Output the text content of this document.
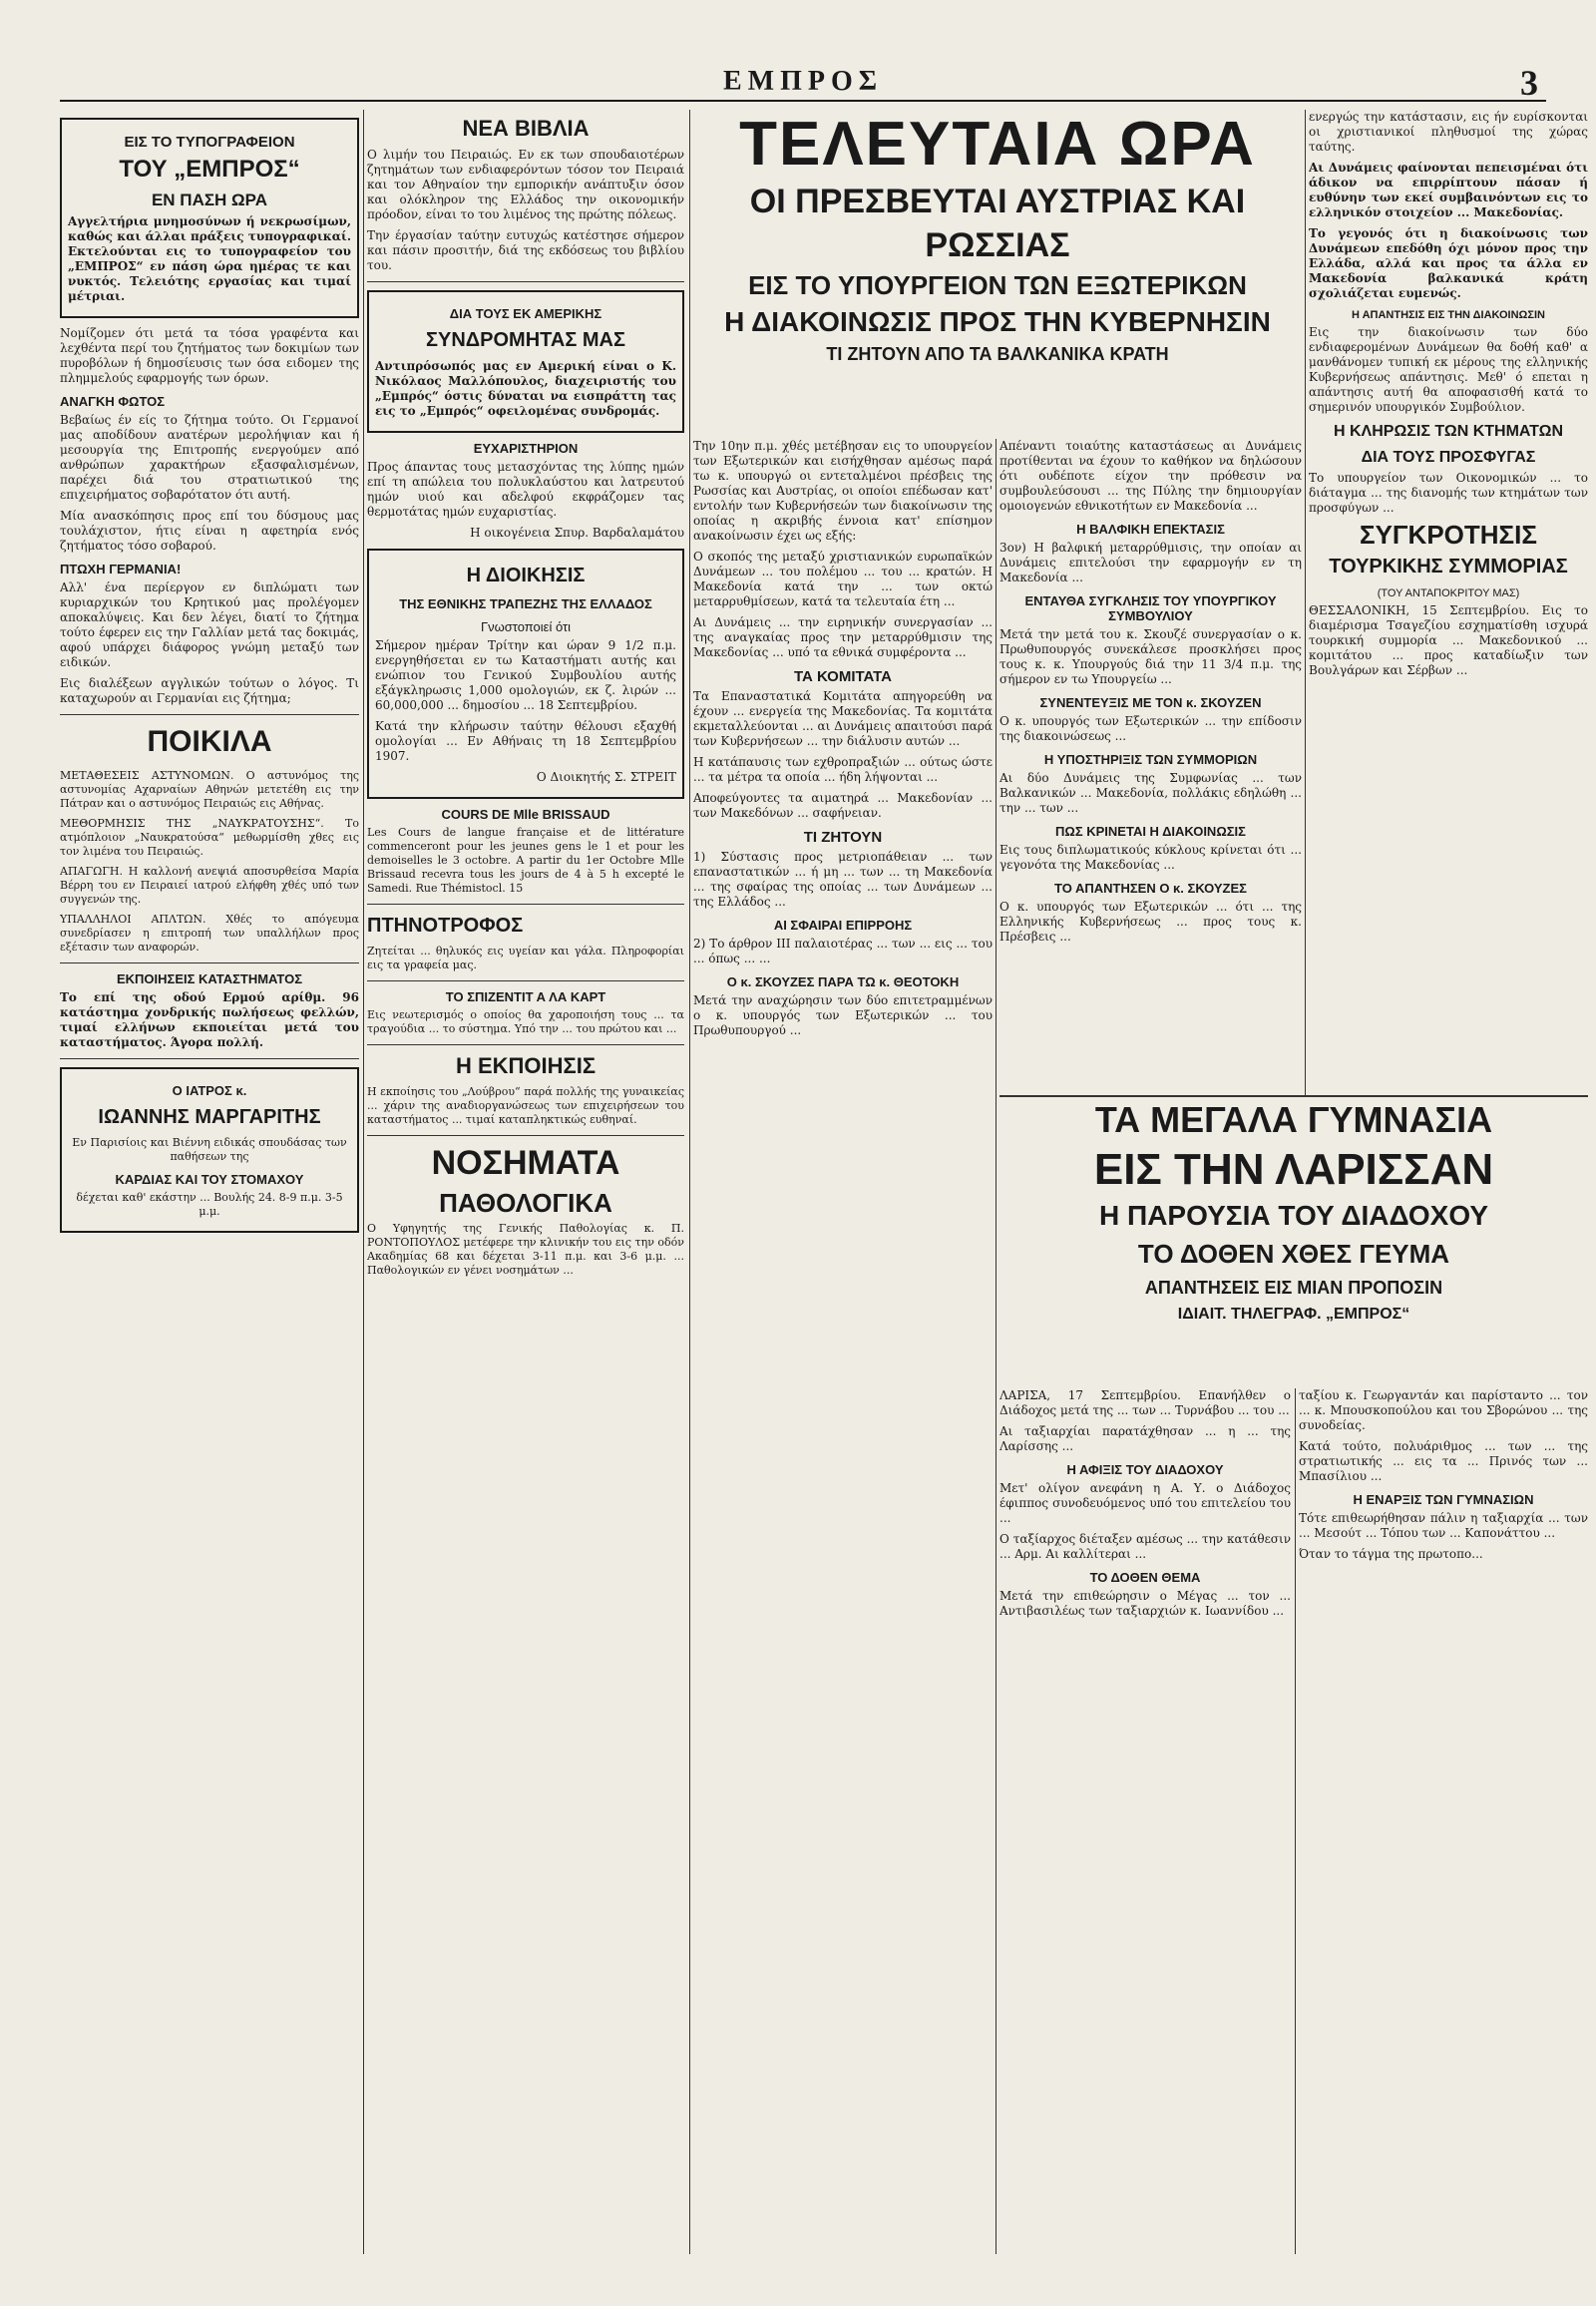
ΕΜΠΡΟΣ	3
ΕΙΣ ΤΟ ΤΥΠΟΓΡΑΦΕΙΟΝ
ΤΟΥ „ΕΜΠΡΟΣ“
ΕΝ ΠΑΣΗ ΩΡΑ

Αγγελτήρια μνημοσύνων ή νεκρωσίμων, καθώς και άλλαι πράξεις τυπογραφικαί. Εκτελούνται εις το τυπογραφείον του „ΕΜΠΡΟΣ“ εν πάση ώρα ημέρας τε και νυκτός. Τελειότης εργασίας και τιμαί μέτριαι.

Νομίζομεν ότι μετά τα τόσα γραφέντα και λεχθέντα περί του ζητήματος των δοκιμίων των πυροβόλων ή δημοσίευσις των όσα ειδομεν της πλημμελούς εφαρμογής των όρων.

ΑΝΑΓΚΗ ΦΩΤΟΣ

Βεβαίως έν είς το ζήτημα τούτο. Οι Γερμανοί μας αποδίδουν ανατέρων μερολήψιαν και ή μεσουργία της Επιτροπής ενεργούμεν από ανθρώπων χαρακτήρων εξασφαλισμένων, παρέχει διά του στρατιωτικού της επιχειρήματος σοβαρότατον ότι αυτή.

Μία ανασκόπησις προς επί του δύσμους μας τουλάχιστον, ήτις είναι η αφετηρία ενός ζητήματος τόσο σοβαρού.

ΠΤΩΧΗ ΓΕΡΜΑΝΙΑ!

Αλλ' ένα περίεργον εν διπλώματι των κυριαρχικών του Κρητικού μας προλέγομεν αποκαλύψεις. Και δεν λέγει, διατί το ζήτημα τούτο έφερεν εις την Γαλλίαν μετά τας δοκιμάς, αφού υπάρχει διάφορος γνώμη μεταξύ των ειδικών.

Εις διαλέξεων αγγλικών τούτων ο λόγος. Τι καταχωρούν αι Γερμανίαι εις ζήτημα;

ΠΟΙΚΙΛΑ

ΜΕΤΑΘΕΣΕΙΣ ΑΣΤΥΝΟΜΩΝ. Ο αστυνόμος της αστυνομίας Αχαρναίων Αθηνών μετετέθη εις την Πάτραν και ο αστυνόμος Πειραιώς εις Αθήνας.

ΜΕΘΟΡΜΗΣΙΣ ΤΗΣ „ΝΑΥΚΡΑΤΟΥΣΗΣ“. Το ατμόπλοιον „Ναυκρατούσα“ μεθωρμίσθη χθες εις τον λιμένα του Πειραιώς.

ΑΠΑΓΩΓΗ. Η καλλονή ανεψιά αποσυρθείσα Μαρία Βέρρη του εν Πειραιεί ιατρού ελήφθη χθές υπό των συγγενών της.

ΥΠΑΛΛΗΛΟΙ ΑΠΛΤΩΝ. Χθές το απόγευμα συνεδρίασεν η επιτροπή των υπαλλήλων προς εξέτασιν των αναφορών.

ΕΚΠΟΙΗΣΕΙΣ ΚΑΤΑΣΤΗΜΑΤΟΣ

Το επί της οδού Ερμού αρίθμ. 96 κατάστημα χονδρικής πωλήσεως φελλών, τιμαί ελλήνων εκποιείται μετά του καταστήματος. Άγορα πολλή.

Ο ΙΑΤΡΟΣ κ.
ΙΩΑΝΝΗΣ ΜΑΡΓΑΡΙΤΗΣ

Εν Παρισίοις και Βιέννη ειδικάς σπουδάσας των παθήσεων της

ΚΑΡΔΙΑΣ ΚΑΙ ΤΟΥ ΣΤΟΜΑΧΟΥ

δέχεται καθ' εκάστην ... Βουλής 24. 8-9 π.μ. 3-5 μ.μ.

ΝΕΑ ΒΙΒΛΙΑ

Ο λιμήν του Πειραιώς. Εν εκ των σπουδαιοτέρων ζητημάτων των ενδιαφερόντων τόσον τον Πειραιά και τον Αθηναίον την εμπορικήν ανάπτυξιν όσον και ολόκληρον της Ελλάδος την οικονομικήν πρόοδον, είναι το του λιμένος της πρώτης πόλεως.

Την έργασίαν ταύτην ευτυχώς κατέστησε σήμερον και πάσιν προσιτήν, διά της εκδόσεως του βιβλίου του.

ΔΙΑ ΤΟΥΣ ΕΚ ΑΜΕΡΙΚΗΣ
ΣΥΝΔΡΟΜΗΤΑΣ ΜΑΣ

Αντιπρόσωπός μας εν Αμερική είναι ο Κ. Νικόλαος Μαλλόπουλος, διαχειριστής του „Εμπρός“ όστις δύναται να εισπράττη τας εις το „Εμπρός“ οφειλομένας συνδρομάς.

ΕΥΧΑΡΙΣΤΗΡΙΟΝ

Προς άπαντας τους μετασχόντας της λύπης ημών επί τη απώλεια του πολυκλαύστου και λατρευτού ημών υιού και αδελφού εκφράζομεν τας θερμοτάτας ημών ευχαριστίας.

Η οικογένεια Σπυρ. Βαρδαλαμάτου

Η ΔΙΟΙΚΗΣΙΣ
ΤΗΣ ΕΘΝΙΚΗΣ ΤΡΑΠΕΖΗΣ ΤΗΣ ΕΛΛΑΔΟΣ
Γνωστοποιεί ότι

Σήμερον ημέραν Τρίτην και ώραν 9 1/2 π.μ. ενεργηθήσεται εν τω Καταστήματι αυτής και ενώπιον του Γενικού Συμβουλίου αυτής εξάγκληρωσις 1,000 ομολογιών, εκ ζ. λιρών ... 60,000,000 ... δημοσίου ... 18 Σεπτεμβρίου.

Κατά την κλήρωσιν ταύτην θέλουσι εξαχθή ομολογίαι ... Εν Αθήναις τη 18 Σεπτεμβρίου 1907.

Ο Διοικητής Σ. ΣΤΡΕΙΤ

COURS DE Mlle BRISSAUD

Les Cours de langue française et de littérature commenceront pour les jeunes gens le 1 et pour les demoiselles le 3 octobre. A partir du 1er Octobre Mlle Brissaud recevra tous les jours de 4 à 5 h excepté le Samedi. Rue Thémistocl. 15

ΠΤΗΝΟΤΡΟΦΟΣ

Ζητείται ... θηλυκός εις υγείαν και γάλα. Πληροφορίαι εις τα γραφεία μας.

ΤΟ ΣΠΙΖΕΝΤΙΤ Α ΛΑ ΚΑΡΤ

Εις νεωτερισμός ο οποίος θα χαροποιήση τους ... τα τραγούδια ... το σύστημα. Υπό την ... του πρώτου και ...

Η ΕΚΠΟΙΗΣΙΣ

Η εκποίησις του „Λούβρου“ παρά πολλής της γυναικείας ... χάριν της αναδιοργανώσεως των επιχειρήσεων του καταστήματος ... τιμαί καταπληκτικώς ευθηναί.

ΝΟΣΗΜΑΤΑ
ΠΑΘΟΛΟΓΙΚΑ

Ο Υφηγητής της Γενικής Παθολογίας κ. Π. ΡΟΝΤΟΠΟΥΛΟΣ μετέφερε την κλινικήν του εις την οδόν Ακαδημίας 68 και δέχεται 3-11 π.μ. και 3-6 μ.μ. ... Παθολογικών εν γένει νοσημάτων ...

ΤΕΛΕΥΤΑΙΑ ΩΡΑ
ΟΙ ΠΡΕΣΒΕΥΤΑΙ ΑΥΣΤΡΙΑΣ ΚΑΙ ΡΩΣΣΙΑΣ
ΕΙΣ ΤΟ ΥΠΟΥΡΓΕΙΟΝ ΤΩΝ ΕΞΩΤΕΡΙΚΩΝ
Η ΔΙΑΚΟΙΝΩΣΙΣ ΠΡΟΣ ΤΗΝ ΚΥΒΕΡΝΗΣΙΝ
ΤΙ ΖΗΤΟΥΝ ΑΠΟ ΤΑ ΒΑΛΚΑΝΙΚΑ ΚΡΑΤΗ

Την 10ην π.μ. χθές μετέβησαν εις το υπουργείον των Εξωτερικών και εισήχθησαν αμέσως παρά τω κ. υπουργώ οι εντεταλμένοι πρέσβεις της Ρωσσίας και Αυστρίας, οι οποίοι επέδωσαν κατ' εντολήν των Κυβερνήσεών των διακοίνωσιν της οποίας η ακριβής έννοια κατ' επίσημον ανακοίνωσιν έχει ως εξής:

Ο σκοπός της μεταξύ χριστιανικών ευρωπαϊκών Δυνάμεων ... του πολέμου ... του ... κρατών. Η Μακεδονία κατά την ... των οκτώ μεταρρυθμίσεων, κατά τα τελευταία έτη ...

Αι Δυνάμεις ... την ειρηνικήν συνεργασίαν ... της αναγκαίας προς την μεταρρύθμισιν της Μακεδονίας ... υπό τα εθνικά συμφέροντα ...

ΤΑ ΚΟΜΙΤΑΤΑ

Τα Επαναστατικά Κομιτάτα απηγορεύθη να έχουν ... ενεργεία της Μακεδονίας. Τα κομιτάτα εκμεταλλεύονται ... αι Δυνάμεις απαιτούσι παρά των Κυβερνήσεων ... την διάλυσιν αυτών ...

Η κατάπαυσις των εχθροπραξιών ... ούτως ώστε ... τα μέτρα τα οποία ... ήδη λήψονται ...

Αποφεύγοντες τα αιματηρά ... Μακεδονίαν ... των Μακεδόνων ... σαφήνειαν.

ΤΙ ΖΗΤΟΥΝ

1) Σύστασις προς μετριοπάθειαν ... των επαναστατικών ... ή μη ... των ... τη Μακεδονία ... της σφαίρας της οποίας ... των Δυνάμεων ... της Ελλάδος ...

ΑΙ ΣΦΑΙΡΑΙ ΕΠΙΡΡΟΗΣ

2) Το άρθρον ΙΙΙ παλαιοτέρας ... των ... εις ... του ... όπως ... ...

Ο κ. ΣΚΟΥΖΕΣ ΠΑΡΑ ΤΩ κ. ΘΕΟΤΟΚΗ

Μετά την αναχώρησιν των δύο επιτετραμμένων ο κ. υπουργός των Εξωτερικών ... του Πρωθυπουργού ...

Απέναντι τοιαύτης καταστάσεως αι Δυνάμεις προτίθενται να έχουν το καθήκον να δηλώσουν ότι ουδέποτε είχον την πρόθεσιν να συμβουλεύσουσι ... της Πύλης την δημιουργίαν ομοιογενών εθνικοτήτων εν Μακεδονία ...

Η ΒΑΛΦΙΚΗ ΕΠΕΚΤΑΣΙΣ

3ον) Η βαλφική μεταρρύθμισις, την οποίαν αι Δυνάμεις επιτελούσι την εφαρμογήν εν τη Μακεδονία ...

ΕΝΤΑΥΘΑ ΣΥΓΚΛΗΣΙΣ ΤΟΥ ΥΠΟΥΡΓΙΚΟΥ ΣΥΜΒΟΥΛΙΟΥ

Μετά την μετά του κ. Σκουζέ συνεργασίαν ο κ. Πρωθυπουργός συνεκάλεσε προσκλήσει προς τους κ. κ. Υπουργούς διά την 11 3/4 π.μ. της σήμερον εν τω Υπουργείω ...

ΣΥΝΕΝΤΕΥΞΙΣ ΜΕ ΤΟΝ κ. ΣΚΟΥΖΕΝ

Ο κ. υπουργός των Εξωτερικών ... την επίδοσιν της διακοινώσεως ...

Η ΥΠΟΣΤΗΡΙΞΙΣ ΤΩΝ ΣΥΜΜΟΡΙΩΝ

Αι δύο Δυνάμεις της Συμφωνίας ... των Βαλκανικών ... Μακεδονία, πολλάκις εδηλώθη ... την ... των ...

ΠΩΣ ΚΡΙΝΕΤΑΙ Η ΔΙΑΚΟΙΝΩΣΙΣ

Εις τους διπλωματικούς κύκλους κρίνεται ότι ... γεγονότα της Μακεδονίας ...

ΤΟ ΑΠΑΝΤΗΣΕΝ Ο κ. ΣΚΟΥΖΕΣ

Ο κ. υπουργός των Εξωτερικών ... ότι ... της Ελληνικής Κυβερνήσεως ... προς τους κ. Πρέσβεις ...

ενεργώς την κατάστασιν, εις ήν ευρίσκονται οι χριστιανικοί πληθυσμοί της χώρας ταύτης.

Αι Δυνάμεις φαίνονται πεπεισμέναι ότι άδικον να επιρρίπτουν πάσαν ή ευθύνην των εκεί συμβαινόντων εις το ελληνικόν στοιχείον ... Μακεδονίας.

Το γεγονός ότι η διακοίνωσις των Δυνάμεων επεδόθη όχι μόνον προς την Ελλάδα, αλλά και προς τα άλλα εν Μακεδονία βαλκανικά κράτη σχολιάζεται ευμενώς.

Η ΑΠΑΝΤΗΣΙΣ ΕΙΣ ΤΗΝ ΔΙΑΚΟΙΝΩΣΙΝ

Εις την διακοίνωσιν των δύο ενδιαφερομένων Δυνάμεων θα δοθή καθ' α μανθάνομεν τυπική εκ μέρους της ελληνικής Κυβερνήσεως απάντησις. Μεθ' ό επεται η απάντησις αυτή θα αποφασισθή κατά το σημερινόν υπουργικόν Συμβούλιον.

Η ΚΛΗΡΩΣΙΣ ΤΩΝ ΚΤΗΜΑΤΩΝ
ΔΙΑ ΤΟΥΣ ΠΡΟΣΦΥΓΑΣ

Το υπουργείον των Οικονομικών ... το διάταγμα ... της διανομής των κτημάτων των προσφύγων ...

ΣΥΓΚΡΟΤΗΣΙΣ
ΤΟΥΡΚΙΚΗΣ ΣΥΜΜΟΡΙΑΣ
(ΤΟΥ ΑΝΤΑΠΟΚΡΙΤΟΥ ΜΑΣ)

ΘΕΣΣΑΛΟΝΙΚΗ, 15 Σεπτεμβρίου. Εις το διαμέρισμα Τσαγεζίου εσχηματίσθη ισχυρά τουρκική συμμορία ... Μακεδονικού ... κομιτάτου ... προς καταδίωξιν των Βουλγάρων και Σέρβων ...

ΤΑ ΜΕΓΑΛΑ ΓΥΜΝΑΣΙΑ
ΕΙΣ ΤΗΝ ΛΑΡΙΣΣΑΝ
Η ΠΑΡΟΥΣΙΑ ΤΟΥ ΔΙΑΔΟΧΟΥ
ΤΟ ΔΟΘΕΝ ΧΘΕΣ ΓΕΥΜΑ
ΑΠΑΝΤΗΣΕΙΣ ΕΙΣ ΜΙΑΝ ΠΡΟΠΟΣΙΝ
ΙΔΙΑΙΤ. ΤΗΛΕΓΡΑΦ. „ΕΜΠΡΟΣ“

ΛΑΡΙΣΑ, 17 Σεπτεμβρίου. Επανήλθεν ο Διάδοχος μετά της ... των ... Τυρνάβου ... του ...

Αι ταξιαρχίαι παρατάχθησαν ... η ... της Λαρίσσης ...

Η ΑΦΙΞΙΣ ΤΟΥ ΔΙΑΔΟΧΟΥ

Μετ' ολίγον ανεφάνη η Α. Υ. ο Διάδοχος έφιππος συνοδευόμενος υπό του επιτελείου του ...

Ο ταξίαρχος διέταξεν αμέσως ... την κατάθεσιν ... Αρμ. Αι καλλίτεραι ...

ΤΟ ΔΟΘΕΝ ΘΕΜΑ

Μετά την επιθεώρησιν ο Μέγας ... τον ... Αντιβασιλέως των ταξιαρχιών κ. Ιωαννίδου ...

ταξίου κ. Γεωργαντάν και παρίσταντο ... τον ... κ. Μπουσκοπούλου και του Σβορώνου ... της συνοδείας.

Κατά τούτο, πολυάριθμος ... των ... της στρατιωτικής ... εις τα ... Πρινός των ... Μπασίλιου ...

Η ΕΝΑΡΞΙΣ ΤΩΝ ΓΥΜΝΑΣΙΩΝ

Τότε επιθεωρήθησαν πάλιν η ταξιαρχία ... των ... Μεσούτ ... Τόπου των ... Καπονάττου ...

Όταν το τάγμα της πρωτοπο...
